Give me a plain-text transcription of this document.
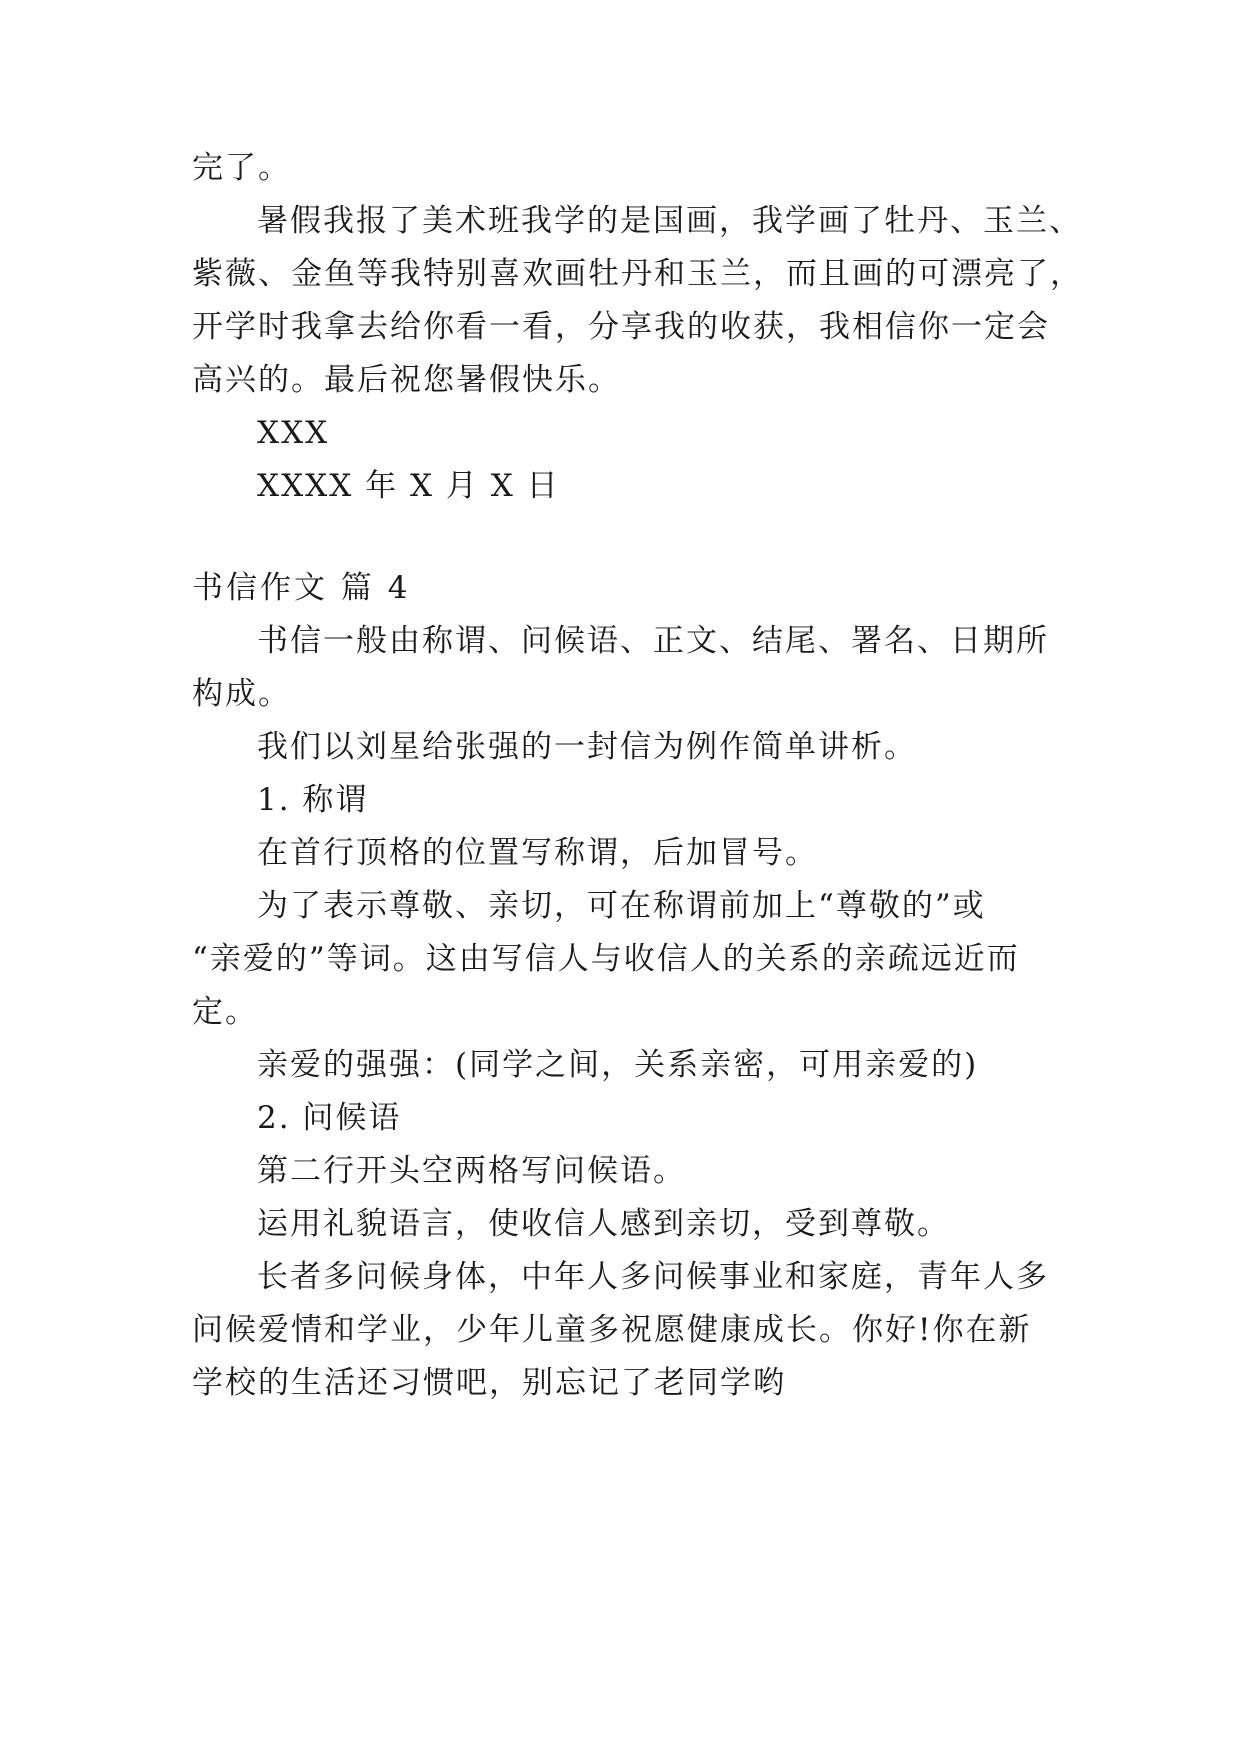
完了。
暑假我报了美术班我学的是国画，我学画了牡丹、玉兰、
紫薇、金鱼等我特别喜欢画牡丹和玉兰，而且画的可漂亮了，
开学时我拿去给你看一看，分享我的收获，我相信你一定会
高兴的。最后祝您暑假快乐。
XXX
XXXX 年 X 月 X 日
书信作文 篇 4
书信一般由称谓、问候语、正文、结尾、署名、日期所
构成。
我们以刘星给张强的一封信为例作简单讲析。
1. 称谓
在首行顶格的位置写称谓，后加冒号。
为了表示尊敬、亲切，可在称谓前加上“尊敬的”或
“亲爱的”等词。这由写信人与收信人的关系的亲疏远近而
定。
亲爱的强强：(同学之间，关系亲密，可用亲爱的)
2. 问候语
第二行开头空两格写问候语。
运用礼貌语言，使收信人感到亲切，受到尊敬。
长者多问候身体，中年人多问候事业和家庭，青年人多
问候爱情和学业，少年儿童多祝愿健康成长。你好!你在新
学校的生活还习惯吧，别忘记了老同学哟
